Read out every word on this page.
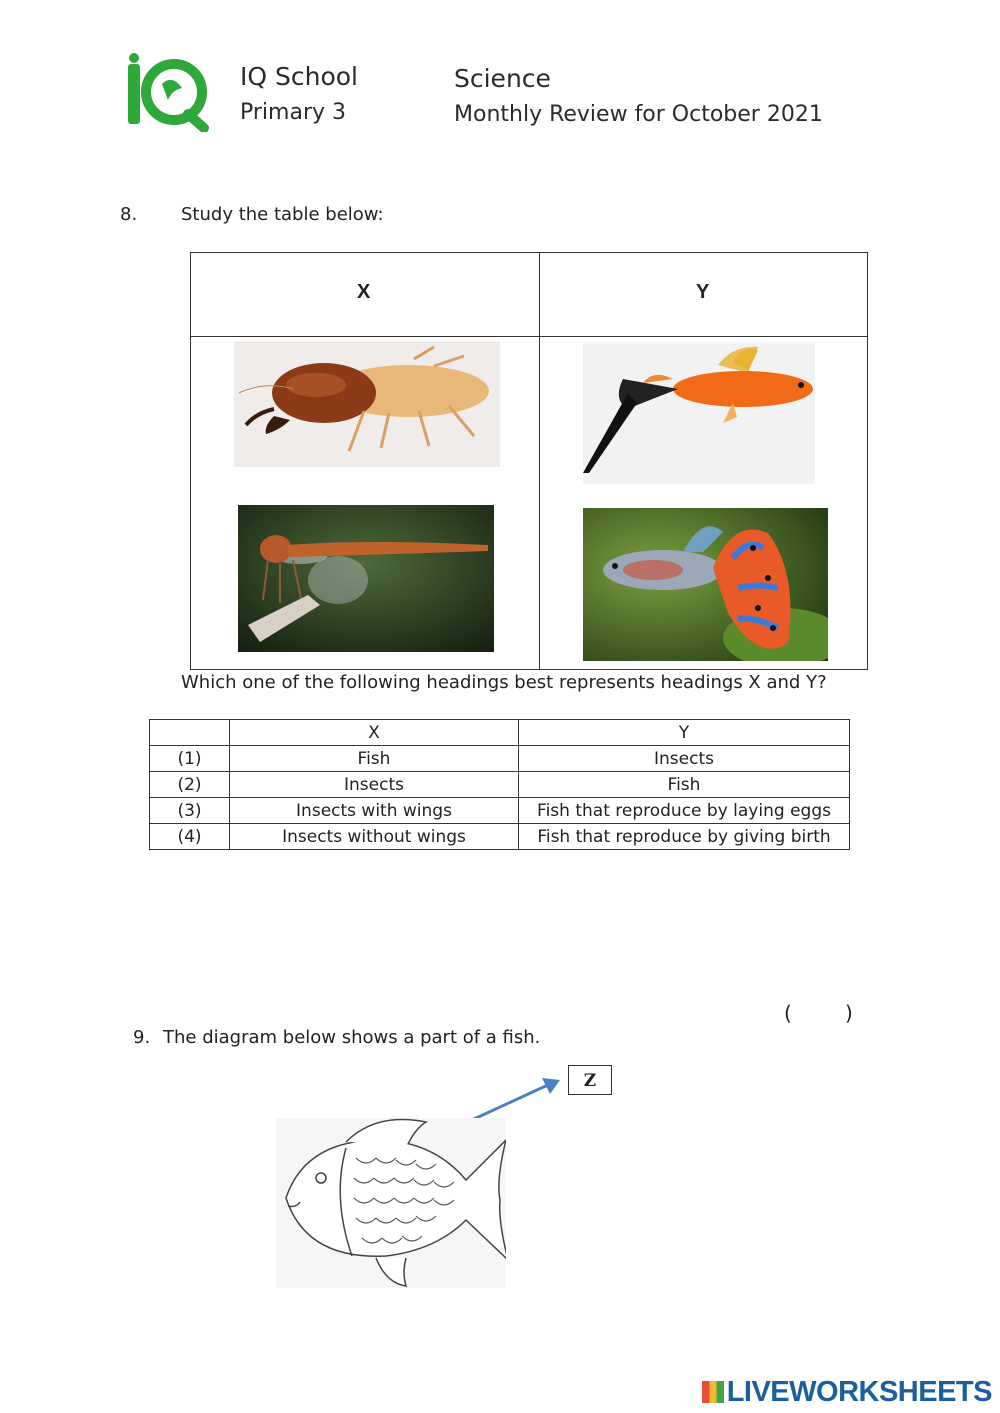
IQ School
Primary 3
Science
Monthly Review for October 2021
8. Study the table below:
X	Y
Which one of the following headings best represents headings X and Y?
	X	Y
(1)	Fish	Insects
(2)	Insects	Fish
(3)	Insects with wings	Fish that reproduce by laying eggs
(4)	Insects without wings	Fish that reproduce by giving birth
(	)
9. The diagram below shows a part of a fish.
Z
LIVEWORKSHEETS
